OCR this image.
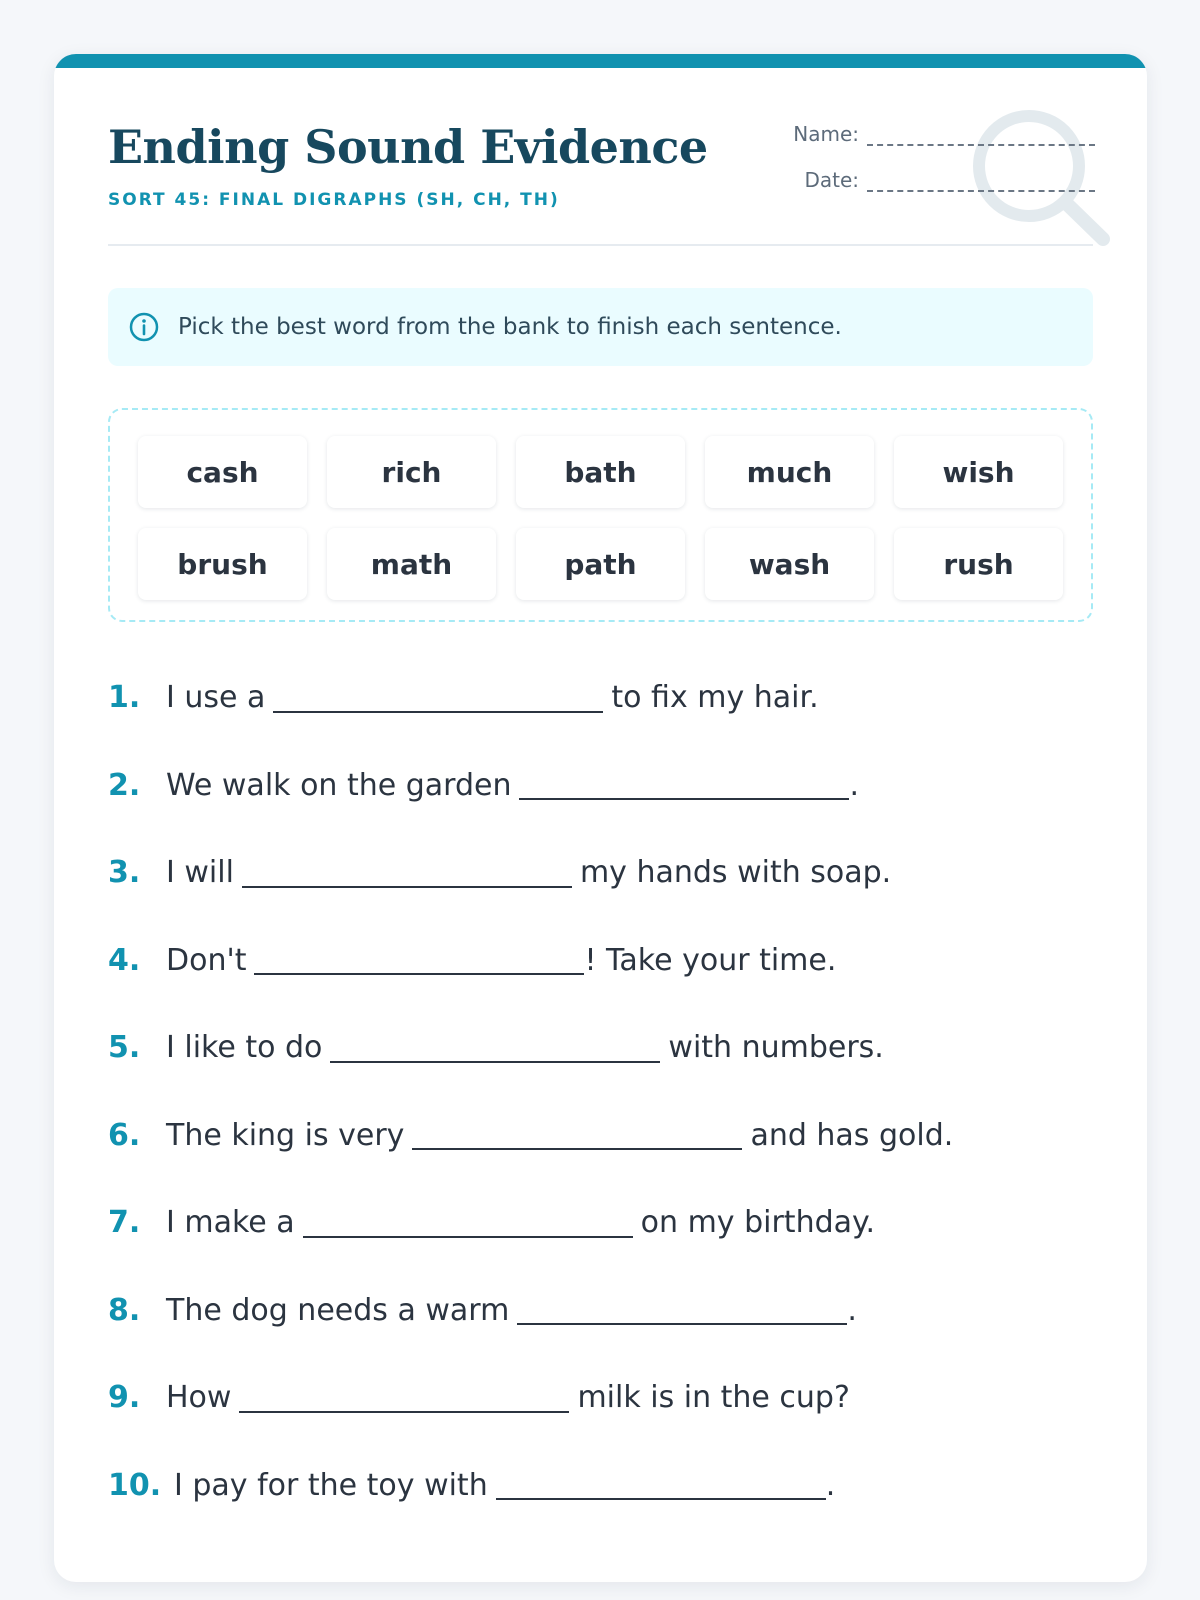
Ending Sound Evidence
SORT 45: FINAL DIGRAPHS (SH, CH, TH)
Name:
Date:
Pick the best word from the bank to finish each sentence.
cash	rich	bath	much	wish
brush	math	path	wash	rush
1. I use a	to fix my hair.
2. We walk on the garden	.
3. I will	my hands with soap.
4. Don't	! Take your time.
5. I like to do	with numbers.
6. The king is very	and has gold.
7. I make a	on my birthday.
8. The dog needs a warm	.
9. How	milk is in the cup?
10. I pay for the toy with	.
